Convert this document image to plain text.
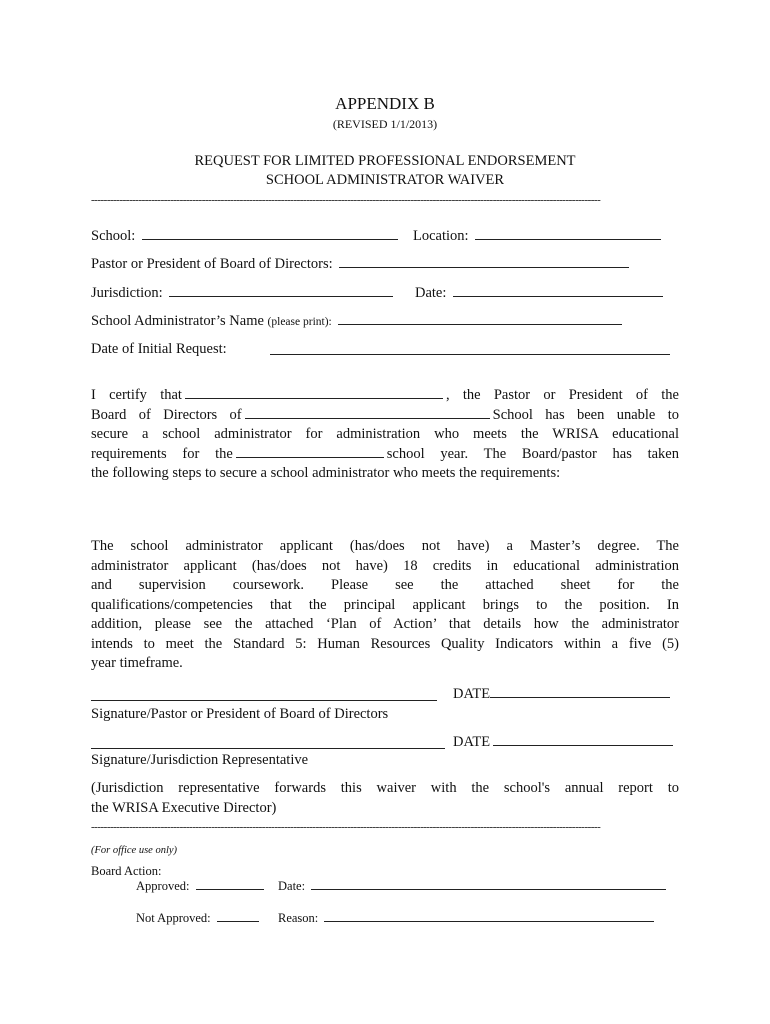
APPENDIX B
(REVISED 1/1/2013)
REQUEST FOR LIMITED PROFESSIONAL ENDORSEMENT
SCHOOL ADMINISTRATOR WAIVER
-----------------------------------------------------------------------------------------------------------------------------------------------------------------
School:	Location:
Pastor or President of Board of Directors:
Jurisdiction:	Date:
School Administrator’s Name (please print):
Date of Initial Request:
I certify that	, the Pastor or President of the
Board of Directors of	School has been unable to
secure a school administrator for administration who meets the WRISA educational
requirements for the	school year. The Board/pastor has taken
the following steps to secure a school administrator who meets the requirements:
The school administrator applicant (has/does not have) a Master’s degree. The
administrator applicant (has/does not have) 18 credits in educational administration
and supervision coursework. Please see the attached sheet for the
qualifications/competencies that the principal applicant brings to the position. In
addition, please see the attached ‘Plan of Action’ that details how the administrator
intends to meet the Standard 5: Human Resources Quality Indicators within a five (5)
year timeframe.
DATE
Signature/Pastor or President of Board of Directors
DATE
Signature/Jurisdiction Representative
(Jurisdiction representative forwards this waiver with the school's annual report to
the WRISA Executive Director)
-----------------------------------------------------------------------------------------------------------------------------------------------------------------
(For office use only)
Board Action:
Approved:	Date:
Not Approved:	Reason:
